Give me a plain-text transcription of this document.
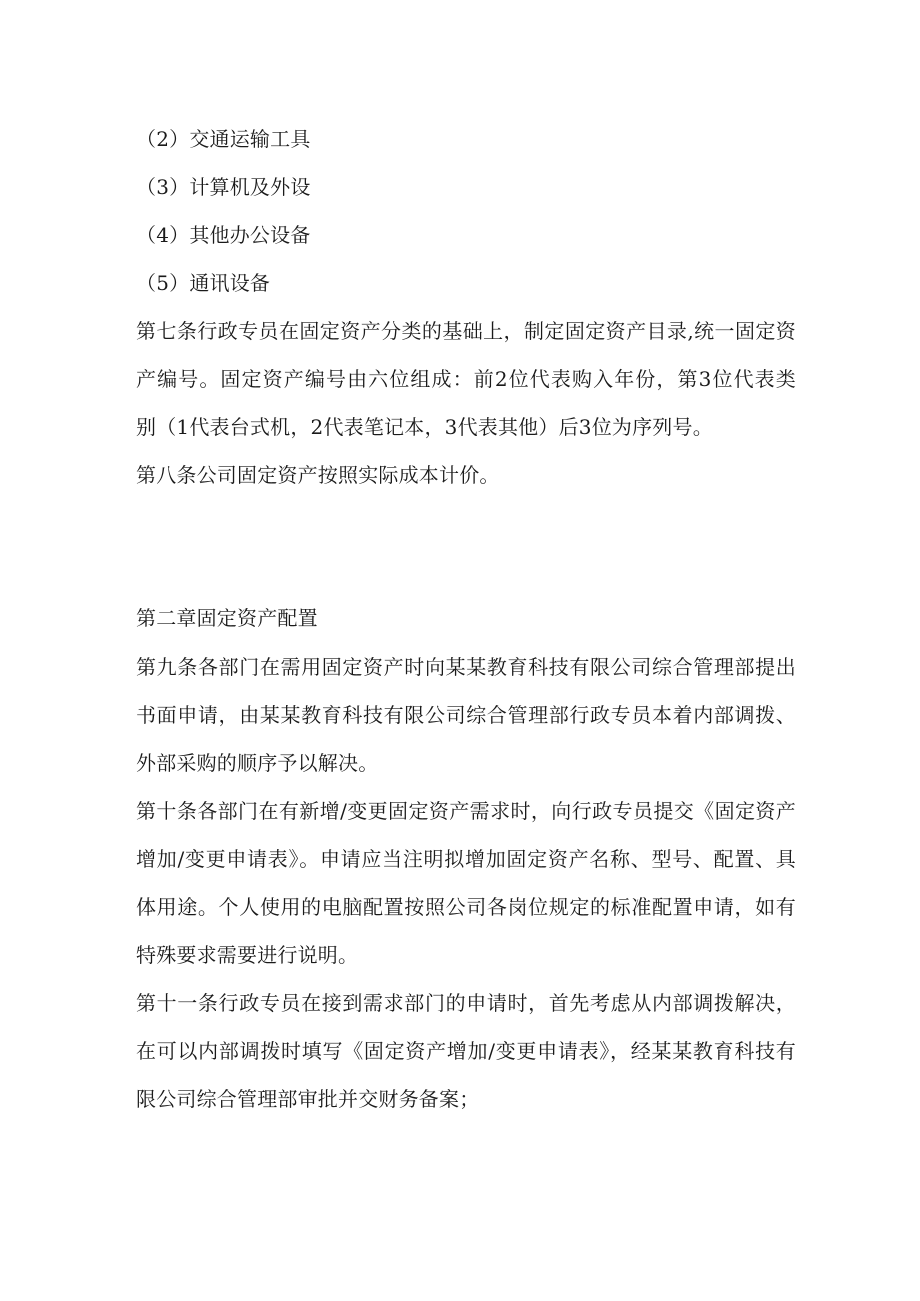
（2）交通运输工具
（3）计算机及外设
（4）其他办公设备
（5）通讯设备
第七条行政专员在固定资产分类的基础上，制定固定资产目录,统一固定资
产编号。固定资产编号由六位组成：前2位代表购入年份，第3位代表类
别（1代表台式机，2代表笔记本，3代表其他）后3位为序列号。
第八条公司固定资产按照实际成本计价。
第二章固定资产配置
第九条各部门在需用固定资产时向某某教育科技有限公司综合管理部提出
书面申请，由某某教育科技有限公司综合管理部行政专员本着内部调拨、
外部采购的顺序予以解决。
第十条各部门在有新增/变更固定资产需求时，向行政专员提交《固定资产
增加/变更申请表》。申请应当注明拟增加固定资产名称、型号、配置、具
体用途。个人使用的电脑配置按照公司各岗位规定的标准配置申请，如有
特殊要求需要进行说明。
第十一条行政专员在接到需求部门的申请时，首先考虑从内部调拨解决，
在可以内部调拨时填写《固定资产增加/变更申请表》，经某某教育科技有
限公司综合管理部审批并交财务备案；
